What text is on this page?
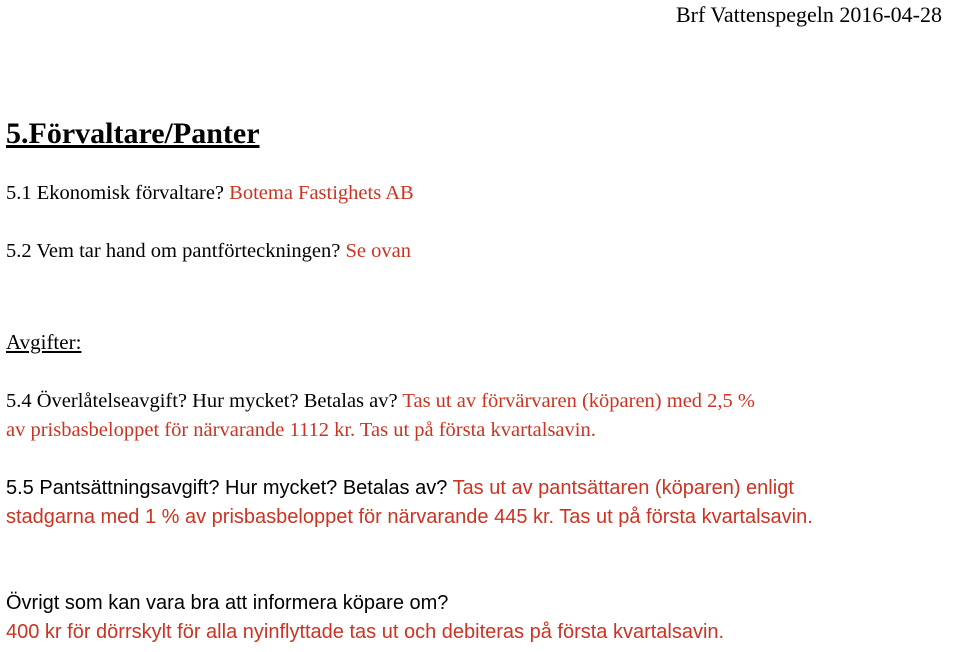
Brf Vattenspegeln 2016-04-28
5.Förvaltare/Panter
5.1 Ekonomisk förvaltare? Botema Fastighets AB
5.2 Vem tar hand om pantförteckningen? Se ovan
Avgifter:
5.4 Överlåtelseavgift? Hur mycket? Betalas av? Tas ut av förvärvaren (köparen) med 2,5 %
av prisbasbeloppet för närvarande 1112 kr. Tas ut på första kvartalsavin.
5.5 Pantsättningsavgift? Hur mycket? Betalas av? Tas ut av pantsättaren (köparen) enligt
stadgarna med 1 % av prisbasbeloppet för närvarande 445 kr. Tas ut på första kvartalsavin.
Övrigt som kan vara bra att informera köpare om?
400 kr för dörrskylt för alla nyinflyttade tas ut och debiteras på första kvartalsavin.
